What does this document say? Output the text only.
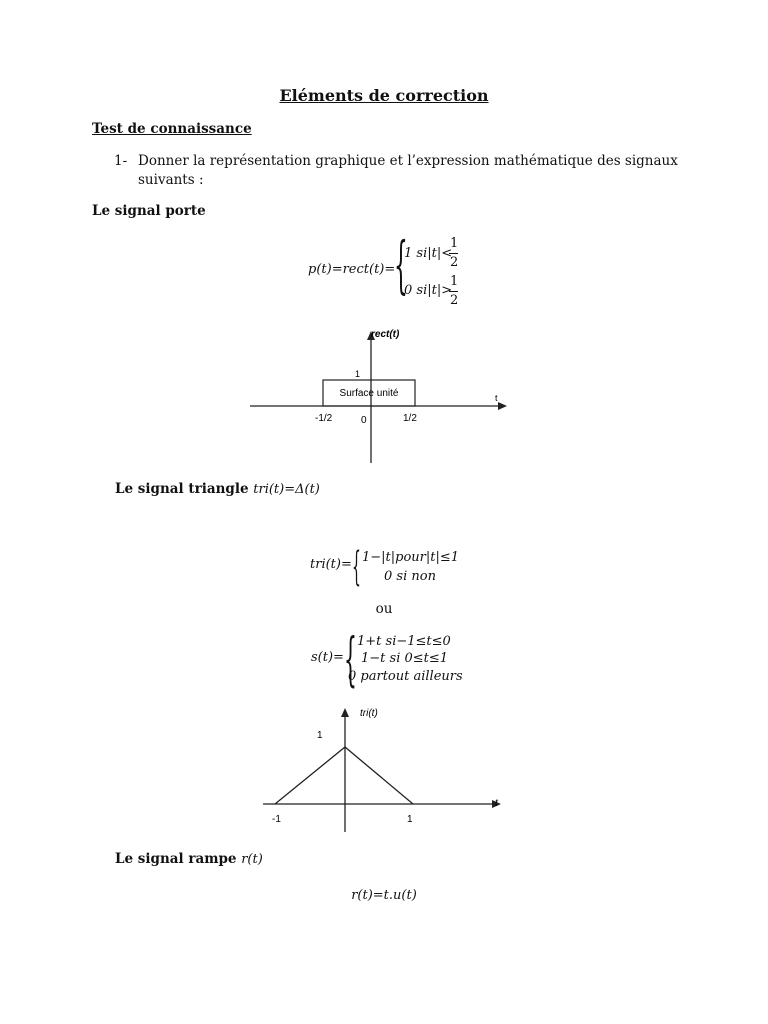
Eléments de correction
Test de connaissance
1- Donner la représentation graphique et l’expression mathématique des signaux
suivants :
Le signal porte
p(t)=rect(t)=
{
1 si|t|<
1
2
0 si|t|>
1
2
rect(t)
Surface unité
-1/2	0	1/2
1
t
Le signal triangle tri(t)=Δ(t)
tri(t)= { 1−|t|pour|t|≤1
0 si non
ou
s(t)= { 1+t si−1≤t≤0
1−t si 0≤t≤1
0 partout ailleurs
tri(t)
t
1
-1	1
Le signal rampe r(t)
r(t)=t.u(t)
